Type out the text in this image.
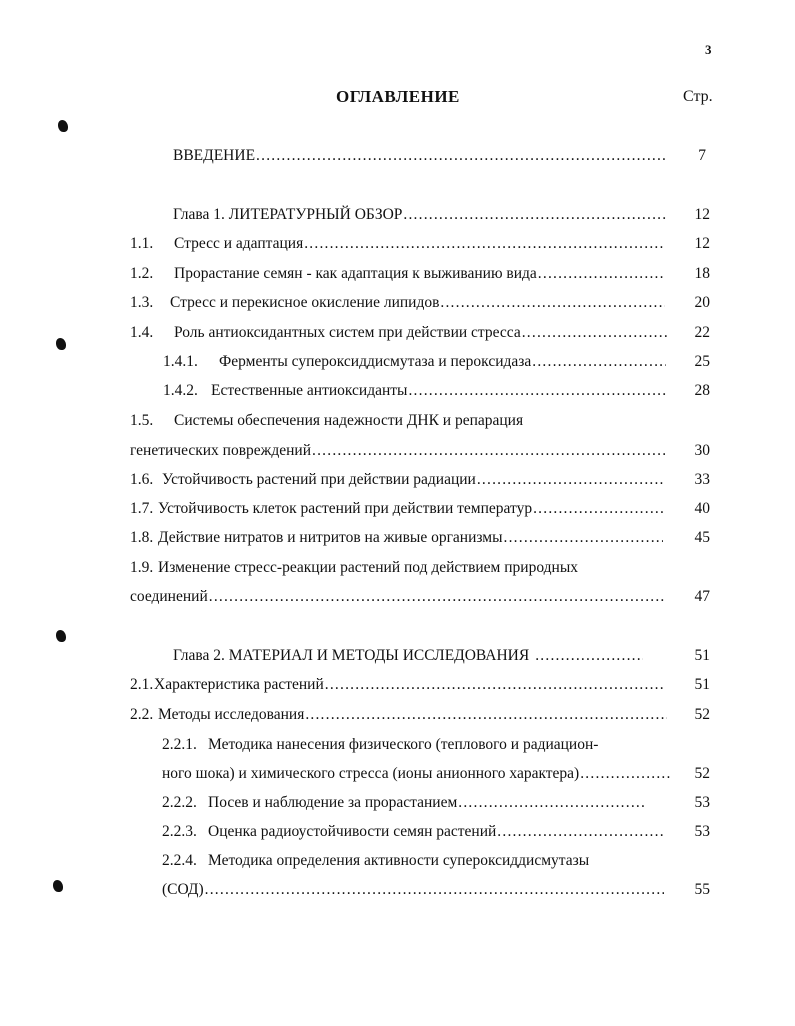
3
ОГЛАВЛЕНИЕ	Стр.
ВВЕДЕНИЕ .....	7
Глава 1. ЛИТЕРАТУРНЫЙ ОБЗОР .....	12
1.1.	Стресс и адаптация .....	12
1.2.	Прорастание семян - как адаптация к выживанию вида .....	18
1.3.	Стресс и перекисное окисление липидов .....	20
1.4.	Роль антиоксидантных систем при действии стресса .....	22
1.4.1.	Ферменты супероксиддисмутаза и пероксидаза .....	25
1.4.2. Естественные антиоксиданты .....	28
1.5.	Системы обеспечения надежности ДНК и репарация
генетических повреждений .....	30
1.6. Устойчивость растений при действии радиации .....	33
1.7. Устойчивость клеток растений при действии температур .....	40
1.8. Действие нитратов и нитритов на живые организмы .....	45
1.9. Изменение стресс-реакции растений под действием природных
соединений .....	47
Глава 2. МАТЕРИАЛ И МЕТОДЫ ИССЛЕДОВАНИЯ .....	51
2.1. Характеристика растений .....	51
2.2. Методы исследования .....	52
2.2.1. Методика нанесения физического (теплового и радиацион-
ного шока) и химического стресса (ионы анионного характера) .....	52
2.2.2. Посев и наблюдение за прорастанием .....	53
2.2.3. Оценка радиоустойчивости семян растений .....	53
2.2.4. Методика определения активности супероксиддисмутазы
(СОД) .....	55
